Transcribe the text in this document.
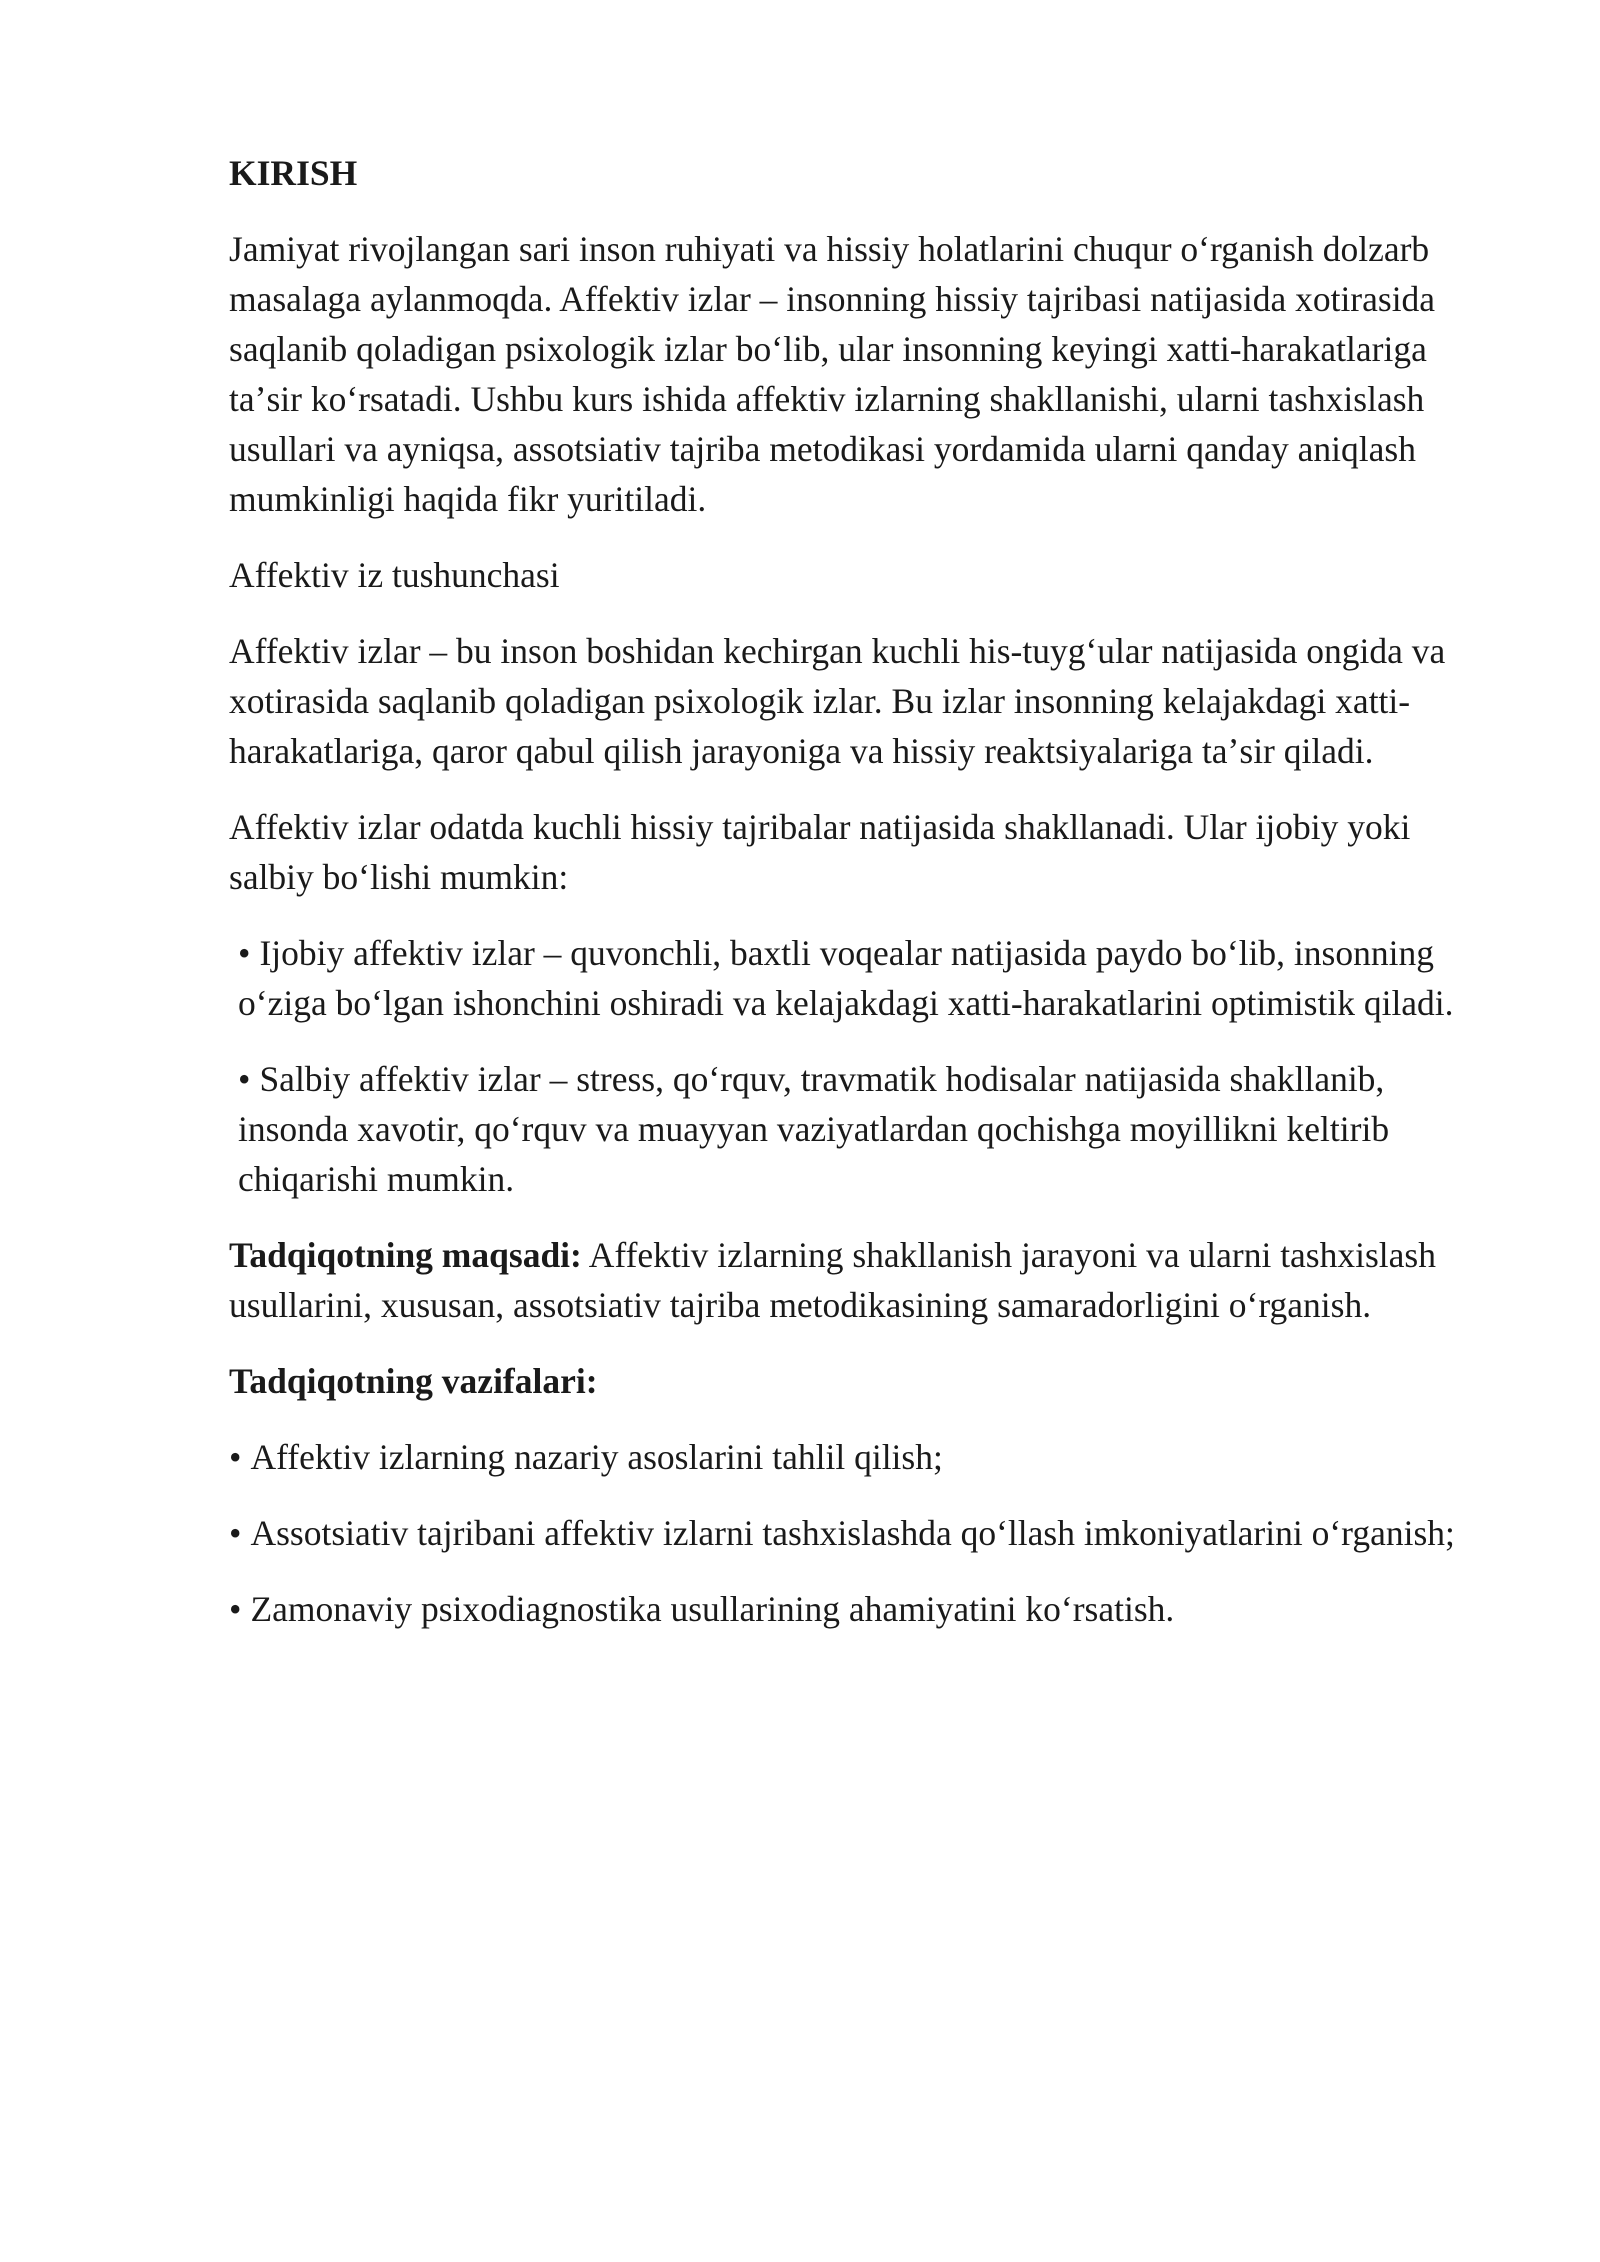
KIRISH

Jamiyat rivojlangan sari inson ruhiyati va hissiy holatlarini chuqur oʻrganish dolzarb masalaga aylanmoqda. Affektiv izlar – insonning hissiy tajribasi natijasida xotirasida saqlanib qoladigan psixologik izlar boʻlib, ular insonning keyingi xatti-harakatlariga taʼsir koʻrsatadi. Ushbu kurs ishida affektiv izlarning shakllanishi, ularni tashxislash usullari va ayniqsa, assotsiativ tajriba metodikasi yordamida ularni qanday aniqlash mumkinligi haqida fikr yuritiladi.

Affektiv iz tushunchasi

Affektiv izlar – bu inson boshidan kechirgan kuchli his-tuygʻular natijasida ongida va xotirasida saqlanib qoladigan psixologik izlar. Bu izlar insonning kelajakdagi xatti-harakatlariga, qaror qabul qilish jarayoniga va hissiy reaktsiyalariga taʼsir qiladi.

Affektiv izlar odatda kuchli hissiy tajribalar natijasida shakllanadi. Ular ijobiy yoki salbiy boʻlishi mumkin:

• Ijobiy affektiv izlar – quvonchli, baxtli voqealar natijasida paydo boʻlib, insonning oʻziga boʻlgan ishonchini oshiradi va kelajakdagi xatti-harakatlarini optimistik qiladi.

• Salbiy affektiv izlar – stress, qoʻrquv, travmatik hodisalar natijasida shakllanib, insonda xavotir, qoʻrquv va muayyan vaziyatlardan qochishga moyillikni keltirib chiqarishi mumkin.

Tadqiqotning maqsadi: Affektiv izlarning shakllanish jarayoni va ularni tashxislash usullarini, xususan, assotsiativ tajriba metodikasining samaradorligini oʻrganish.

Tadqiqotning vazifalari:

• Affektiv izlarning nazariy asoslarini tahlil qilish;

• Assotsiativ tajribani affektiv izlarni tashxislashda qoʻllash imkoniyatlarini oʻrganish;

• Zamonaviy psixodiagnostika usullarining ahamiyatini koʻrsatish.
